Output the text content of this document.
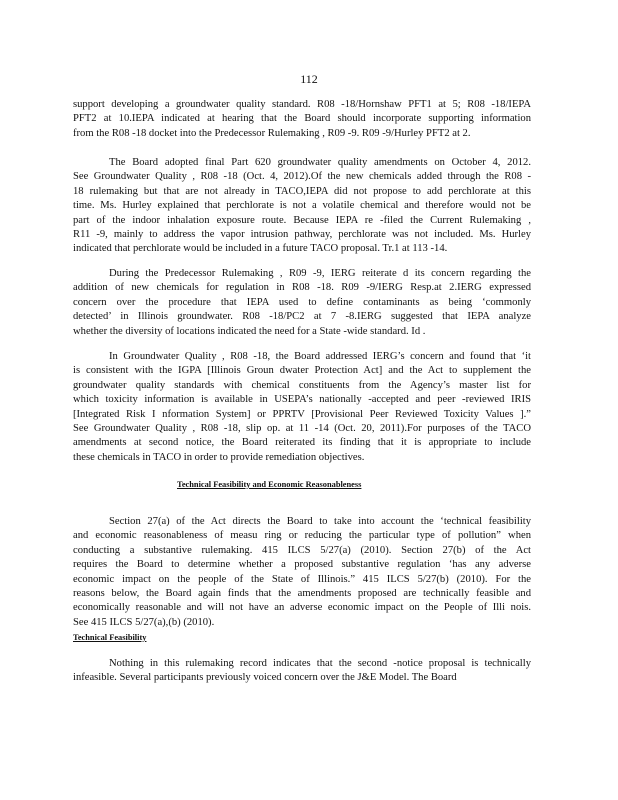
112
support developing a groundwater quality standard. R08 -18/Hornshaw PFT1 at 5; R08 -18/IEPA
PFT2 at 10.IEPA indicated at hearing that the Board should incorporate supporting information
from the R08 -18 docket into the Predecessor Rulemaking , R09 -9. R09 -9/Hurley PFT2 at 2.
The Board adopted final Part 620 groundwater quality amendments on October 4, 2012.
See Groundwater Quality , R08 -18 (Oct. 4, 2012).Of the new chemicals added through the R08 -
18 rulemaking but that are not already in TACO,IEPA did not propose to add perchlorate at this
time. Ms. Hurley explained that perchlorate is not a volatile chemical and therefore would not be
part of the indoor inhalation exposure route. Because IEPA re -filed the Current Rulemaking ,
R11 -9, mainly to address the vapor intrusion pathway, perchlorate was not included. Ms. Hurley
indicated that perchlorate would be included in a future TACO proposal. Tr.1 at 113 -14.
During the Predecessor Rulemaking , R09 -9, IERG reiterate d its concern regarding the
addition of new chemicals for regulation in R08 -18. R09 -9/IERG Resp.at 2.IERG expressed
concern over the procedure that IEPA used to define contaminants as being ‘commonly
detected’ in Illinois groundwater. R08 -18/PC2 at 7 -8.IERG suggested that IEPA analyze
whether the diversity of locations indicated the need for a State -wide standard. Id .
In Groundwater Quality , R08 -18, the Board addressed IERG’s concern and found that ‘it
is consistent with the IGPA [Illinois Groun dwater Protection Act] and the Act to supplement the
groundwater quality standards with chemical constituents from the Agency’s master list for
which toxicity information is available in USEPA’s nationally -accepted and peer -reviewed IRIS
[Integrated Risk I nformation System] or PPRTV [Provisional Peer Reviewed Toxicity Values ].”
See Groundwater Quality , R08 -18, slip op. at 11 -14 (Oct. 20, 2011).For purposes of the TACO
amendments at second notice, the Board reiterated its finding that it is appropriate to include
these chemicals in TACO in order to provide remediation objectives.
Technical Feasibility and Economic Reasonableness
Section 27(a) of the Act directs the Board to take into account the ‘technical feasibility
and economic reasonableness of measu ring or reducing the particular type of pollution” when
conducting a substantive rulemaking. 415 ILCS 5/27(a) (2010). Section 27(b) of the Act
requires the Board to determine whether a proposed substantive regulation ‘has any adverse
economic impact on the people of the State of Illinois.” 415 ILCS 5/27(b) (2010). For the
reasons below, the Board again finds that the amendments proposed are technically feasible and
economically reasonable and will not have an adverse economic impact on the People of Illi nois.
See 415 ILCS 5/27(a),(b) (2010).
Technical Feasibility
Nothing in this rulemaking record indicates that the second -notice proposal is technically
infeasible. Several participants previously voiced concern over the J&E Model. The Board
